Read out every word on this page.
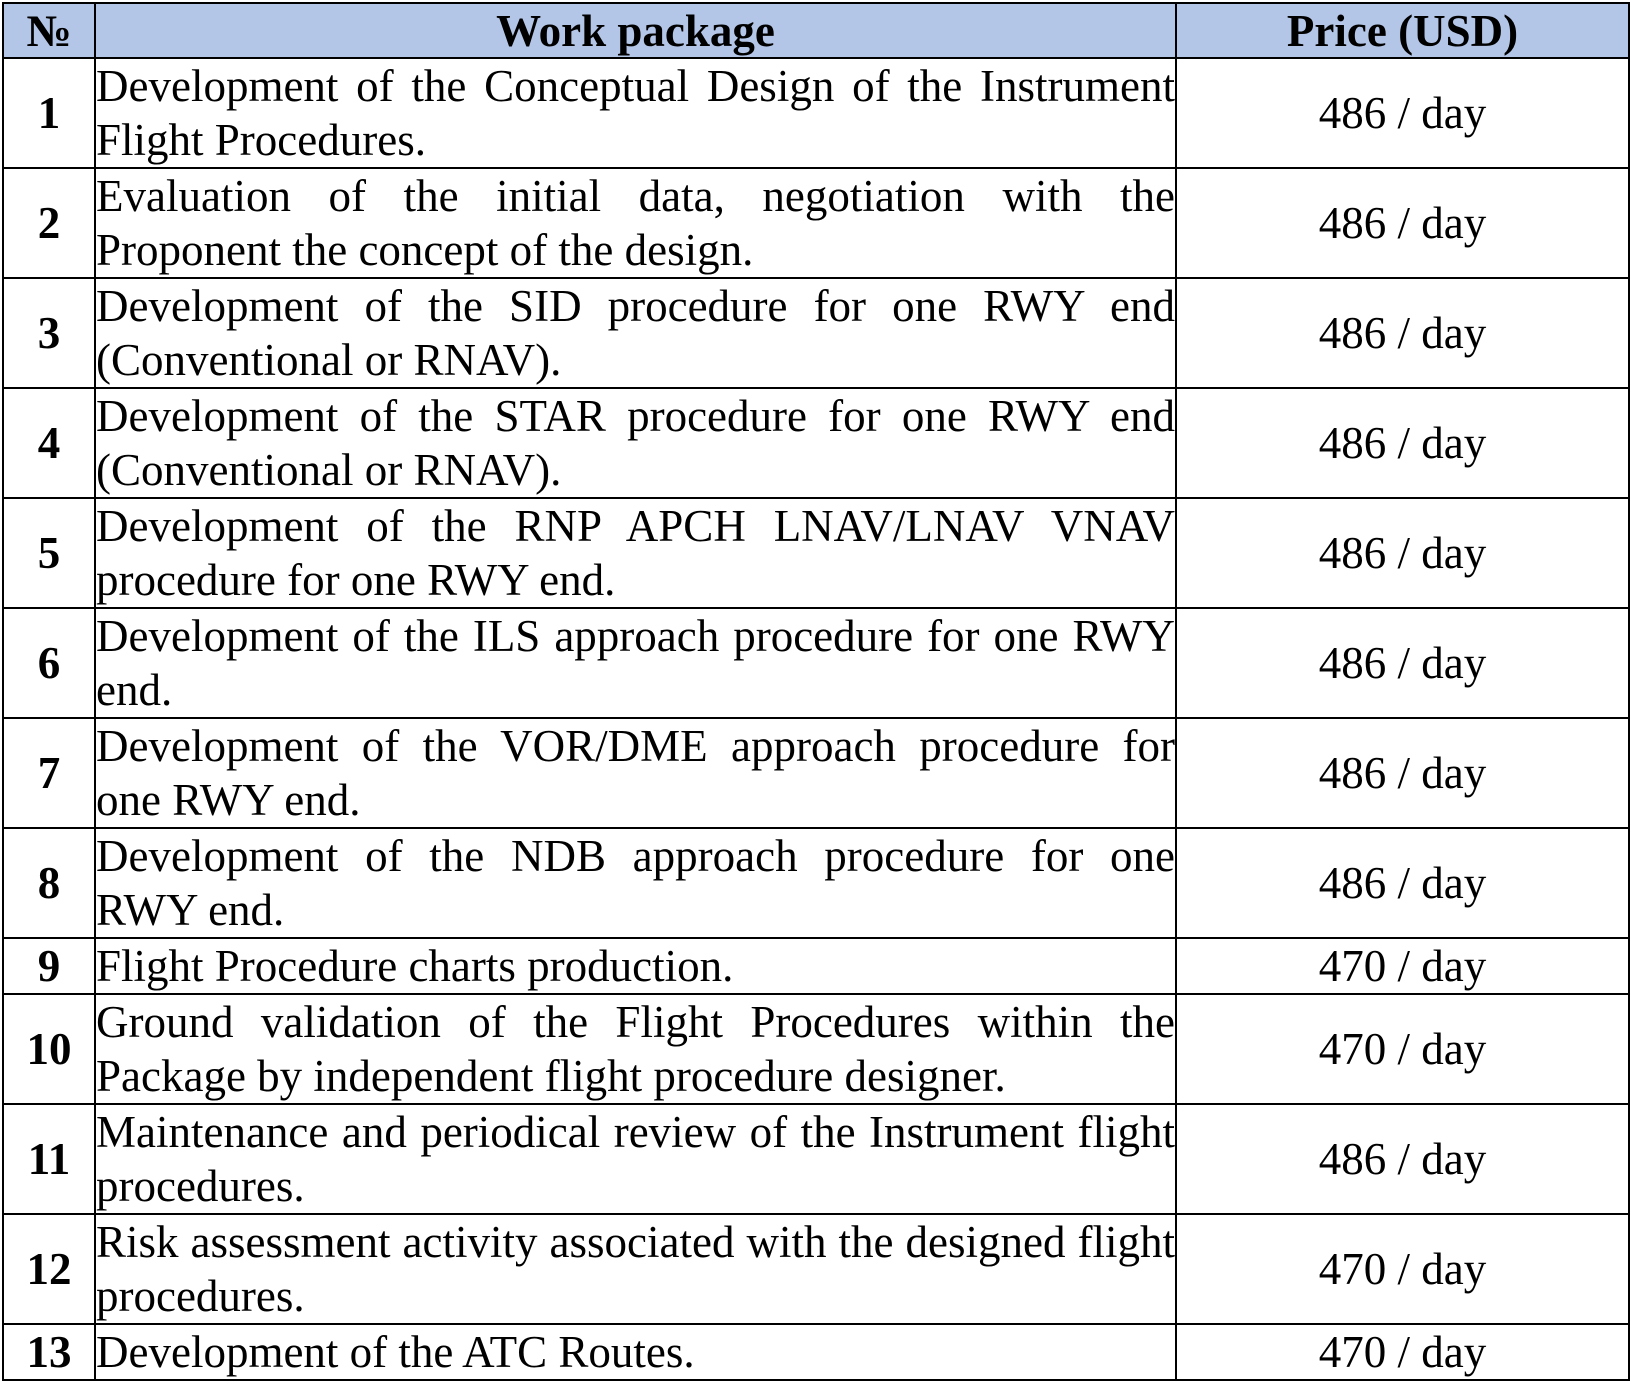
№	Work package	Price (USD)
1	Development of the Conceptual Design of the Instrument Flight Procedures.	486 / day
2	Evaluation of the initial data, negotiation with the Proponent the concept of the design.	486 / day
3	Development of the SID procedure for one RWY end (Conventional or RNAV).	486 / day
4	Development of the STAR procedure for one RWY end (Conventional or RNAV).	486 / day
5	Development of the RNP APCH LNAV/LNAV VNAV procedure for one RWY end.	486 / day
6	Development of the ILS approach procedure for one RWY end.	486 / day
7	Development of the VOR/DME approach procedure for one RWY end.	486 / day
8	Development of the NDB approach procedure for one RWY end.	486 / day
9	Flight Procedure charts production.	470 / day
10	Ground validation of the Flight Procedures within the Package by independent flight procedure designer.	470 / day
11	Maintenance and periodical review of the Instrument flight procedures.	486 / day
12	Risk assessment activity associated with the designed flight procedures.	470 / day
13	Development of the ATC Routes.	470 / day
